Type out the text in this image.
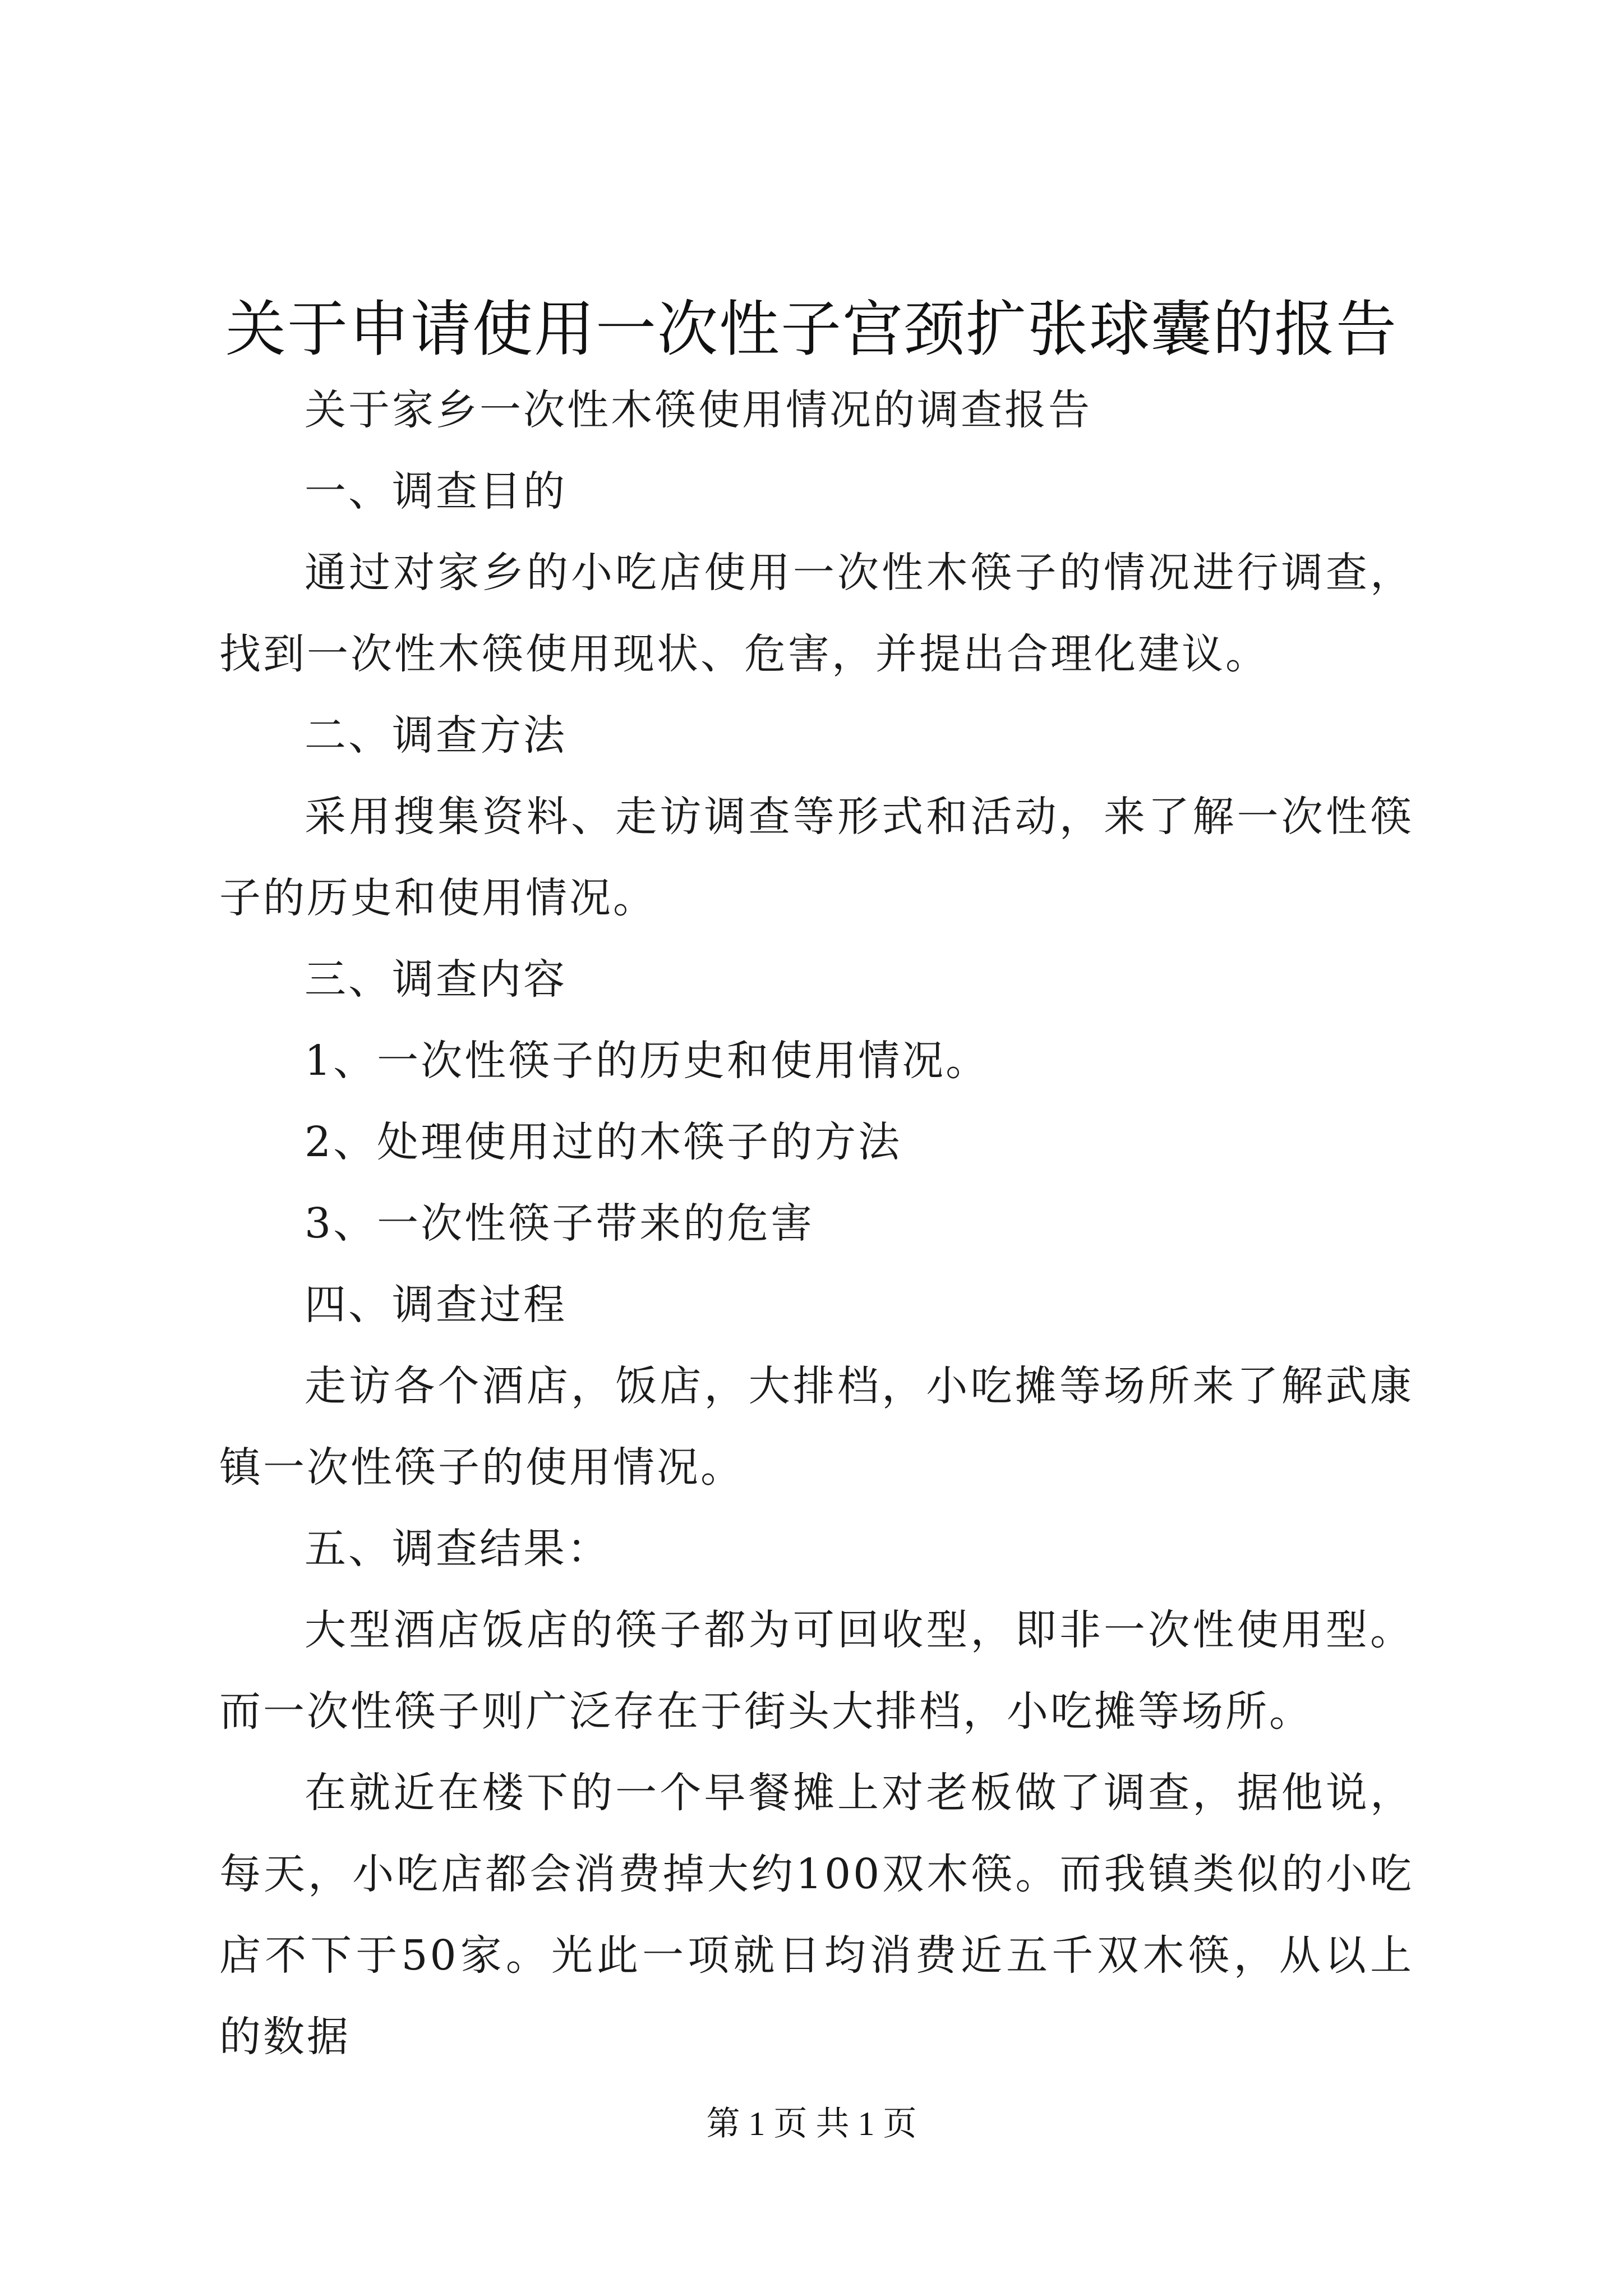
关于申请使用一次性子宫颈扩张球囊的报告

关于家乡一次性木筷使用情况的调查报告

一、调查目的

通过对家乡的小吃店使用一次性木筷子的情况进行调查，找到一次性木筷使用现状、危害，并提出合理化建议。

二、调查方法

采用搜集资料、走访调查等形式和活动，来了解一次性筷子的历史和使用情况。

三、调查内容

1、一次性筷子的历史和使用情况。

2、处理使用过的木筷子的方法

3、一次性筷子带来的危害

四、调查过程

走访各个酒店，饭店，大排档，小吃摊等场所来了解武康镇一次性筷子的使用情况。

五、调查结果：

大型酒店饭店的筷子都为可回收型，即非一次性使用型。而一次性筷子则广泛存在于街头大排档，小吃摊等场所。

在就近在楼下的一个早餐摊上对老板做了调查，据他说，每天，小吃店都会消费掉大约100双木筷。而我镇类似的小吃店不下于50家。光此一项就日均消费近五千双木筷，从以上的数据

第 1 页 共 1 页
